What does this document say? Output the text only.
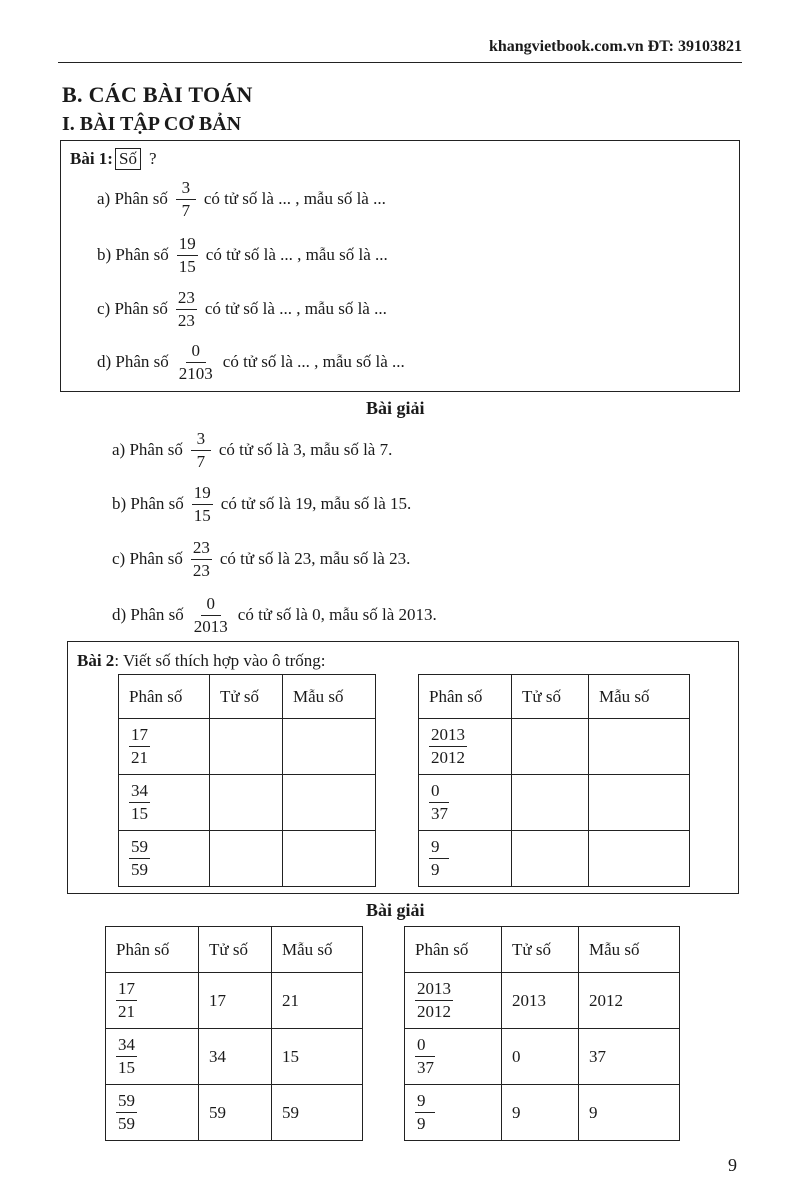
khangvietbook.com.vn ĐT: 39103821
B. CÁC BÀI TOÁN
I. BÀI TẬP CƠ BẢN
Bài 1: Số ?
a) Phân số $\frac{3}{7}$ có tử số là ... , mẫu số là ...
b) Phân số $\frac{19}{15}$ có tử số là ... , mẫu số là ...
c) Phân số $\frac{23}{23}$ có tử số là ... , mẫu số là ...
d) Phân số $\frac{0}{2103}$ có tử số là ... , mẫu số là ...
Bài giải
a) Phân số $\frac{3}{7}$ có tử số là 3, mẫu số là 7.
b) Phân số $\frac{19}{15}$ có tử số là 19, mẫu số là 15.
c) Phân số $\frac{23}{23}$ có tử số là 23, mẫu số là 23.
d) Phân số $\frac{0}{2013}$ có tử số là 0, mẫu số là 2013.
Bài 2 : Viết số thích hợp vào ô trống:
Phân số	Tử số	Mẫu số

$\frac{17}{21}$

$\frac{34}{15}$

$\frac{59}{59}$

Phân số	Tử số	Mẫu số

$\frac{2013}{2012}$

$\frac{0}{37}$

$\frac{9}{9}$

Bài giải
Phân số	Tử số	Mẫu số

$\frac{17}{21}$	17	21

$\frac{34}{15}$	34	15

$\frac{59}{59}$	59	59
Phân số	Tử số	Mẫu số

$\frac{2013}{2012}$	2013	2012

$\frac{0}{37}$	0	37

$\frac{9}{9}$	9	9
9
